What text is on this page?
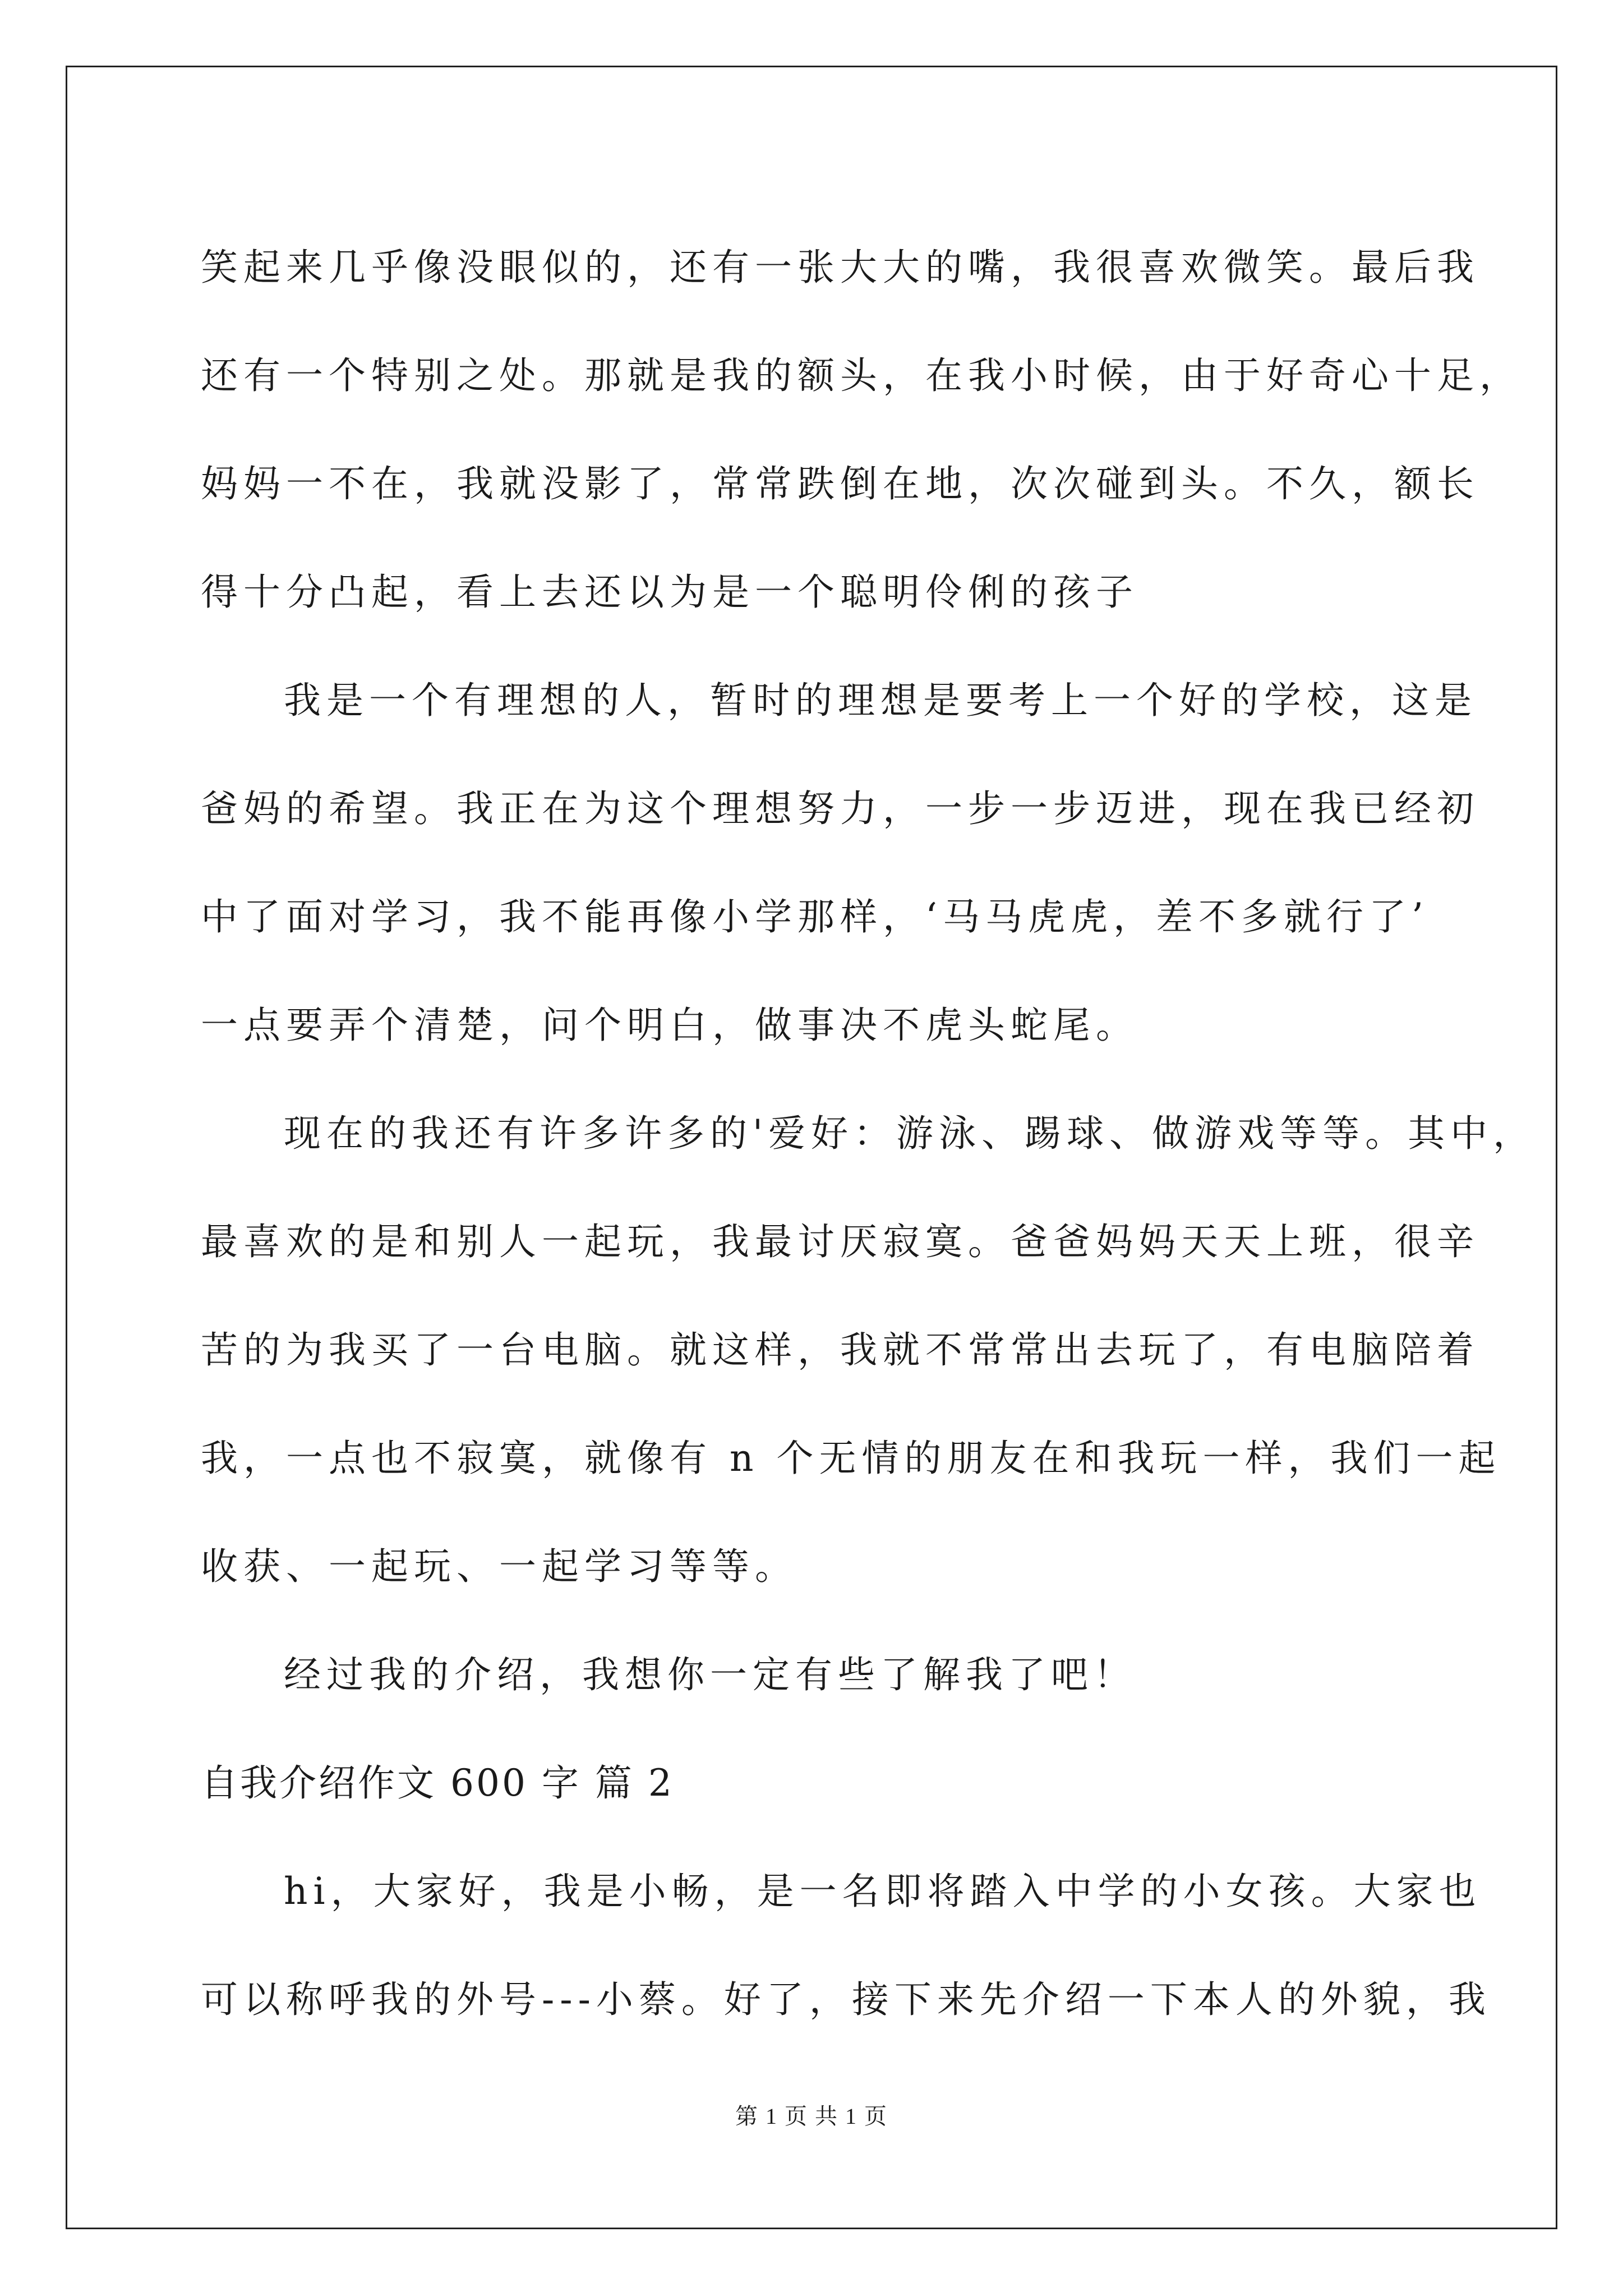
笑起来几乎像没眼似的，还有一张大大的嘴，我很喜欢微笑。最后我
还有一个特别之处。那就是我的额头，在我小时候，由于好奇心十足，
妈妈一不在，我就没影了，常常跌倒在地，次次碰到头。不久，额长
得十分凸起，看上去还以为是一个聪明伶俐的孩子
我是一个有理想的人，暂时的理想是要考上一个好的学校，这是
爸妈的希望。我正在为这个理想努力，一步一步迈进，现在我已经初
中了面对学习，我不能再像小学那样，‘马马虎虎，差不多就行了’
一点要弄个清楚，问个明白，做事决不虎头蛇尾。
现在的我还有许多许多的'爱好：游泳、踢球、做游戏等等。其中，
最喜欢的是和别人一起玩，我最讨厌寂寞。爸爸妈妈天天上班，很辛
苦的为我买了一台电脑。就这样，我就不常常出去玩了，有电脑陪着
我，一点也不寂寞，就像有 n 个无情的朋友在和我玩一样，我们一起
收获、一起玩、一起学习等等。
经过我的介绍，我想你一定有些了解我了吧！
自我介绍作文 600 字 篇 2
hi，大家好，我是小畅，是一名即将踏入中学的小女孩。大家也
可以称呼我的外号---小蔡。好了，接下来先介绍一下本人的外貌，我
第 1 页 共 1 页
